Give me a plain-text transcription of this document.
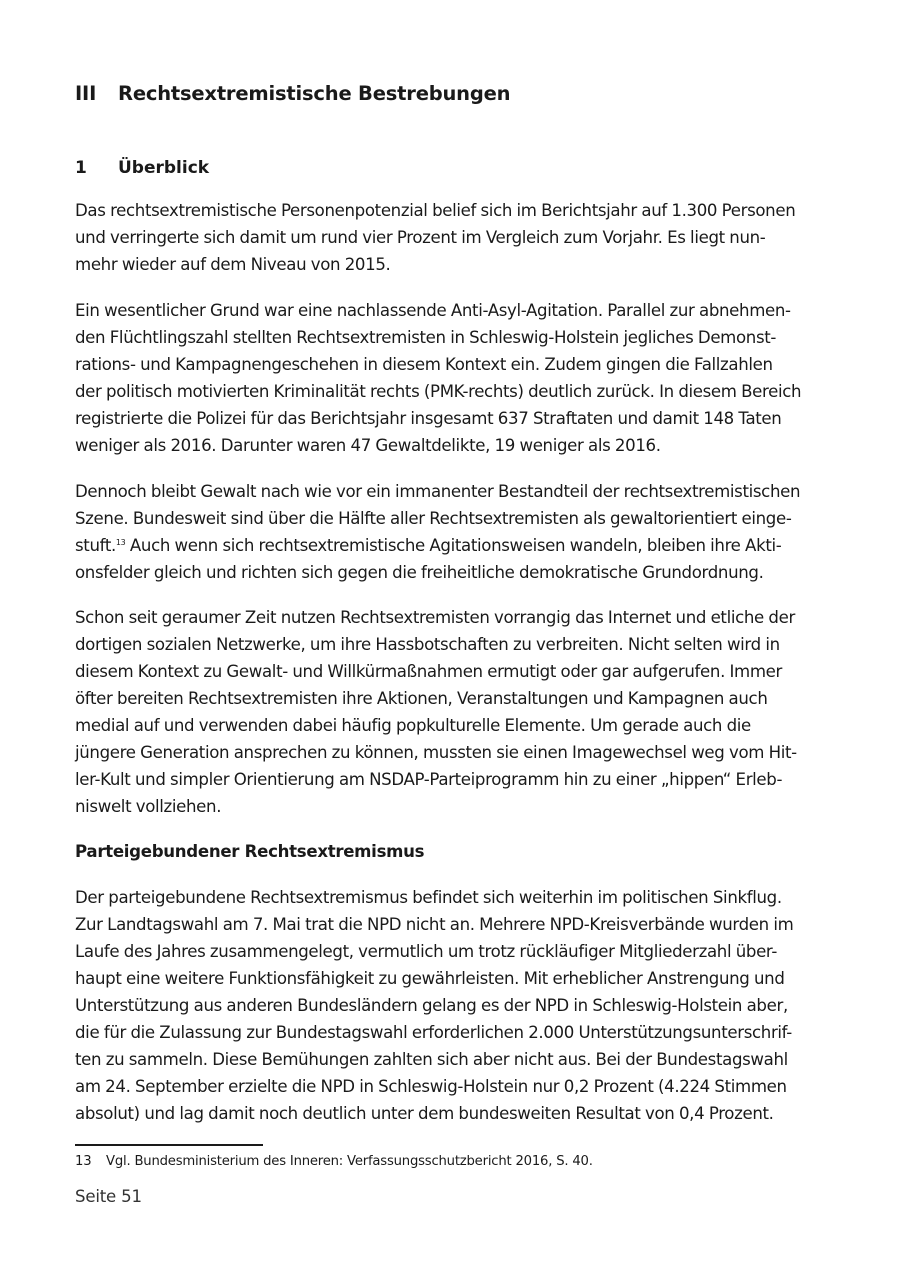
III Rechtsextremistische Bestrebungen
1 Überblick

Das rechtsextremistische Personenpotenzial belief sich im Berichtsjahr auf 1.300 Personen
und verringerte sich damit um rund vier Prozent im Vergleich zum Vorjahr. Es liegt nun-
mehr wieder auf dem Niveau von 2015.

Ein wesentlicher Grund war eine nachlassende Anti-Asyl-Agitation. Parallel zur abnehmen-
den Flüchtlingszahl stellten Rechtsextremisten in Schleswig-Holstein jegliches Demonst-
rations- und Kampagnengeschehen in diesem Kontext ein. Zudem gingen die Fallzahlen
der politisch motivierten Kriminalität rechts (PMK-rechts) deutlich zurück. In diesem Bereich
registrierte die Polizei für das Berichtsjahr insgesamt 637 Straftaten und damit 148 Taten
weniger als 2016. Darunter waren 47 Gewaltdelikte, 19 weniger als 2016.

Dennoch bleibt Gewalt nach wie vor ein immanenter Bestandteil der rechtsextremistischen
Szene. Bundesweit sind über die Hälfte aller Rechtsextremisten als gewaltorientiert einge-
stuft.$^{13}$ Auch wenn sich rechtsextremistische Agitationsweisen wandeln, bleiben ihre Akti-
onsfelder gleich und richten sich gegen die freiheitliche demokratische Grundordnung.

Schon seit geraumer Zeit nutzen Rechtsextremisten vorrangig das Internet und etliche der
dortigen sozialen Netzwerke, um ihre Hassbotschaften zu verbreiten. Nicht selten wird in
diesem Kontext zu Gewalt- und Willkürmaßnahmen ermutigt oder gar aufgerufen. Immer
öfter bereiten Rechtsextremisten ihre Aktionen, Veranstaltungen und Kampagnen auch
medial auf und verwenden dabei häufig popkulturelle Elemente. Um gerade auch die
jüngere Generation ansprechen zu können, mussten sie einen Imagewechsel weg vom Hit-
ler-Kult und simpler Orientierung am NSDAP-Parteiprogramm hin zu einer „hippen“ Erleb-
niswelt vollziehen.

Parteigebundener Rechtsextremismus

Der parteigebundene Rechtsextremismus befindet sich weiterhin im politischen Sinkflug.
Zur Landtagswahl am 7. Mai trat die NPD nicht an. Mehrere NPD-Kreisverbände wurden im
Laufe des Jahres zusammengelegt, vermutlich um trotz rückläufiger Mitgliederzahl über-
haupt eine weitere Funktionsfähigkeit zu gewährleisten. Mit erheblicher Anstrengung und
Unterstützung aus anderen Bundesländern gelang es der NPD in Schleswig-Holstein aber,
die für die Zulassung zur Bundestagswahl erforderlichen 2.000 Unterstützungsunterschrif-
ten zu sammeln. Diese Bemühungen zahlten sich aber nicht aus. Bei der Bundestagswahl
am 24. September erzielte die NPD in Schleswig-Holstein nur 0,2 Prozent (4.224 Stimmen
absolut) und lag damit noch deutlich unter dem bundesweiten Resultat von 0,4 Prozent.

13 Vgl. Bundesministerium des Inneren: Verfassungsschutzbericht 2016, S. 40.
Seite 51
